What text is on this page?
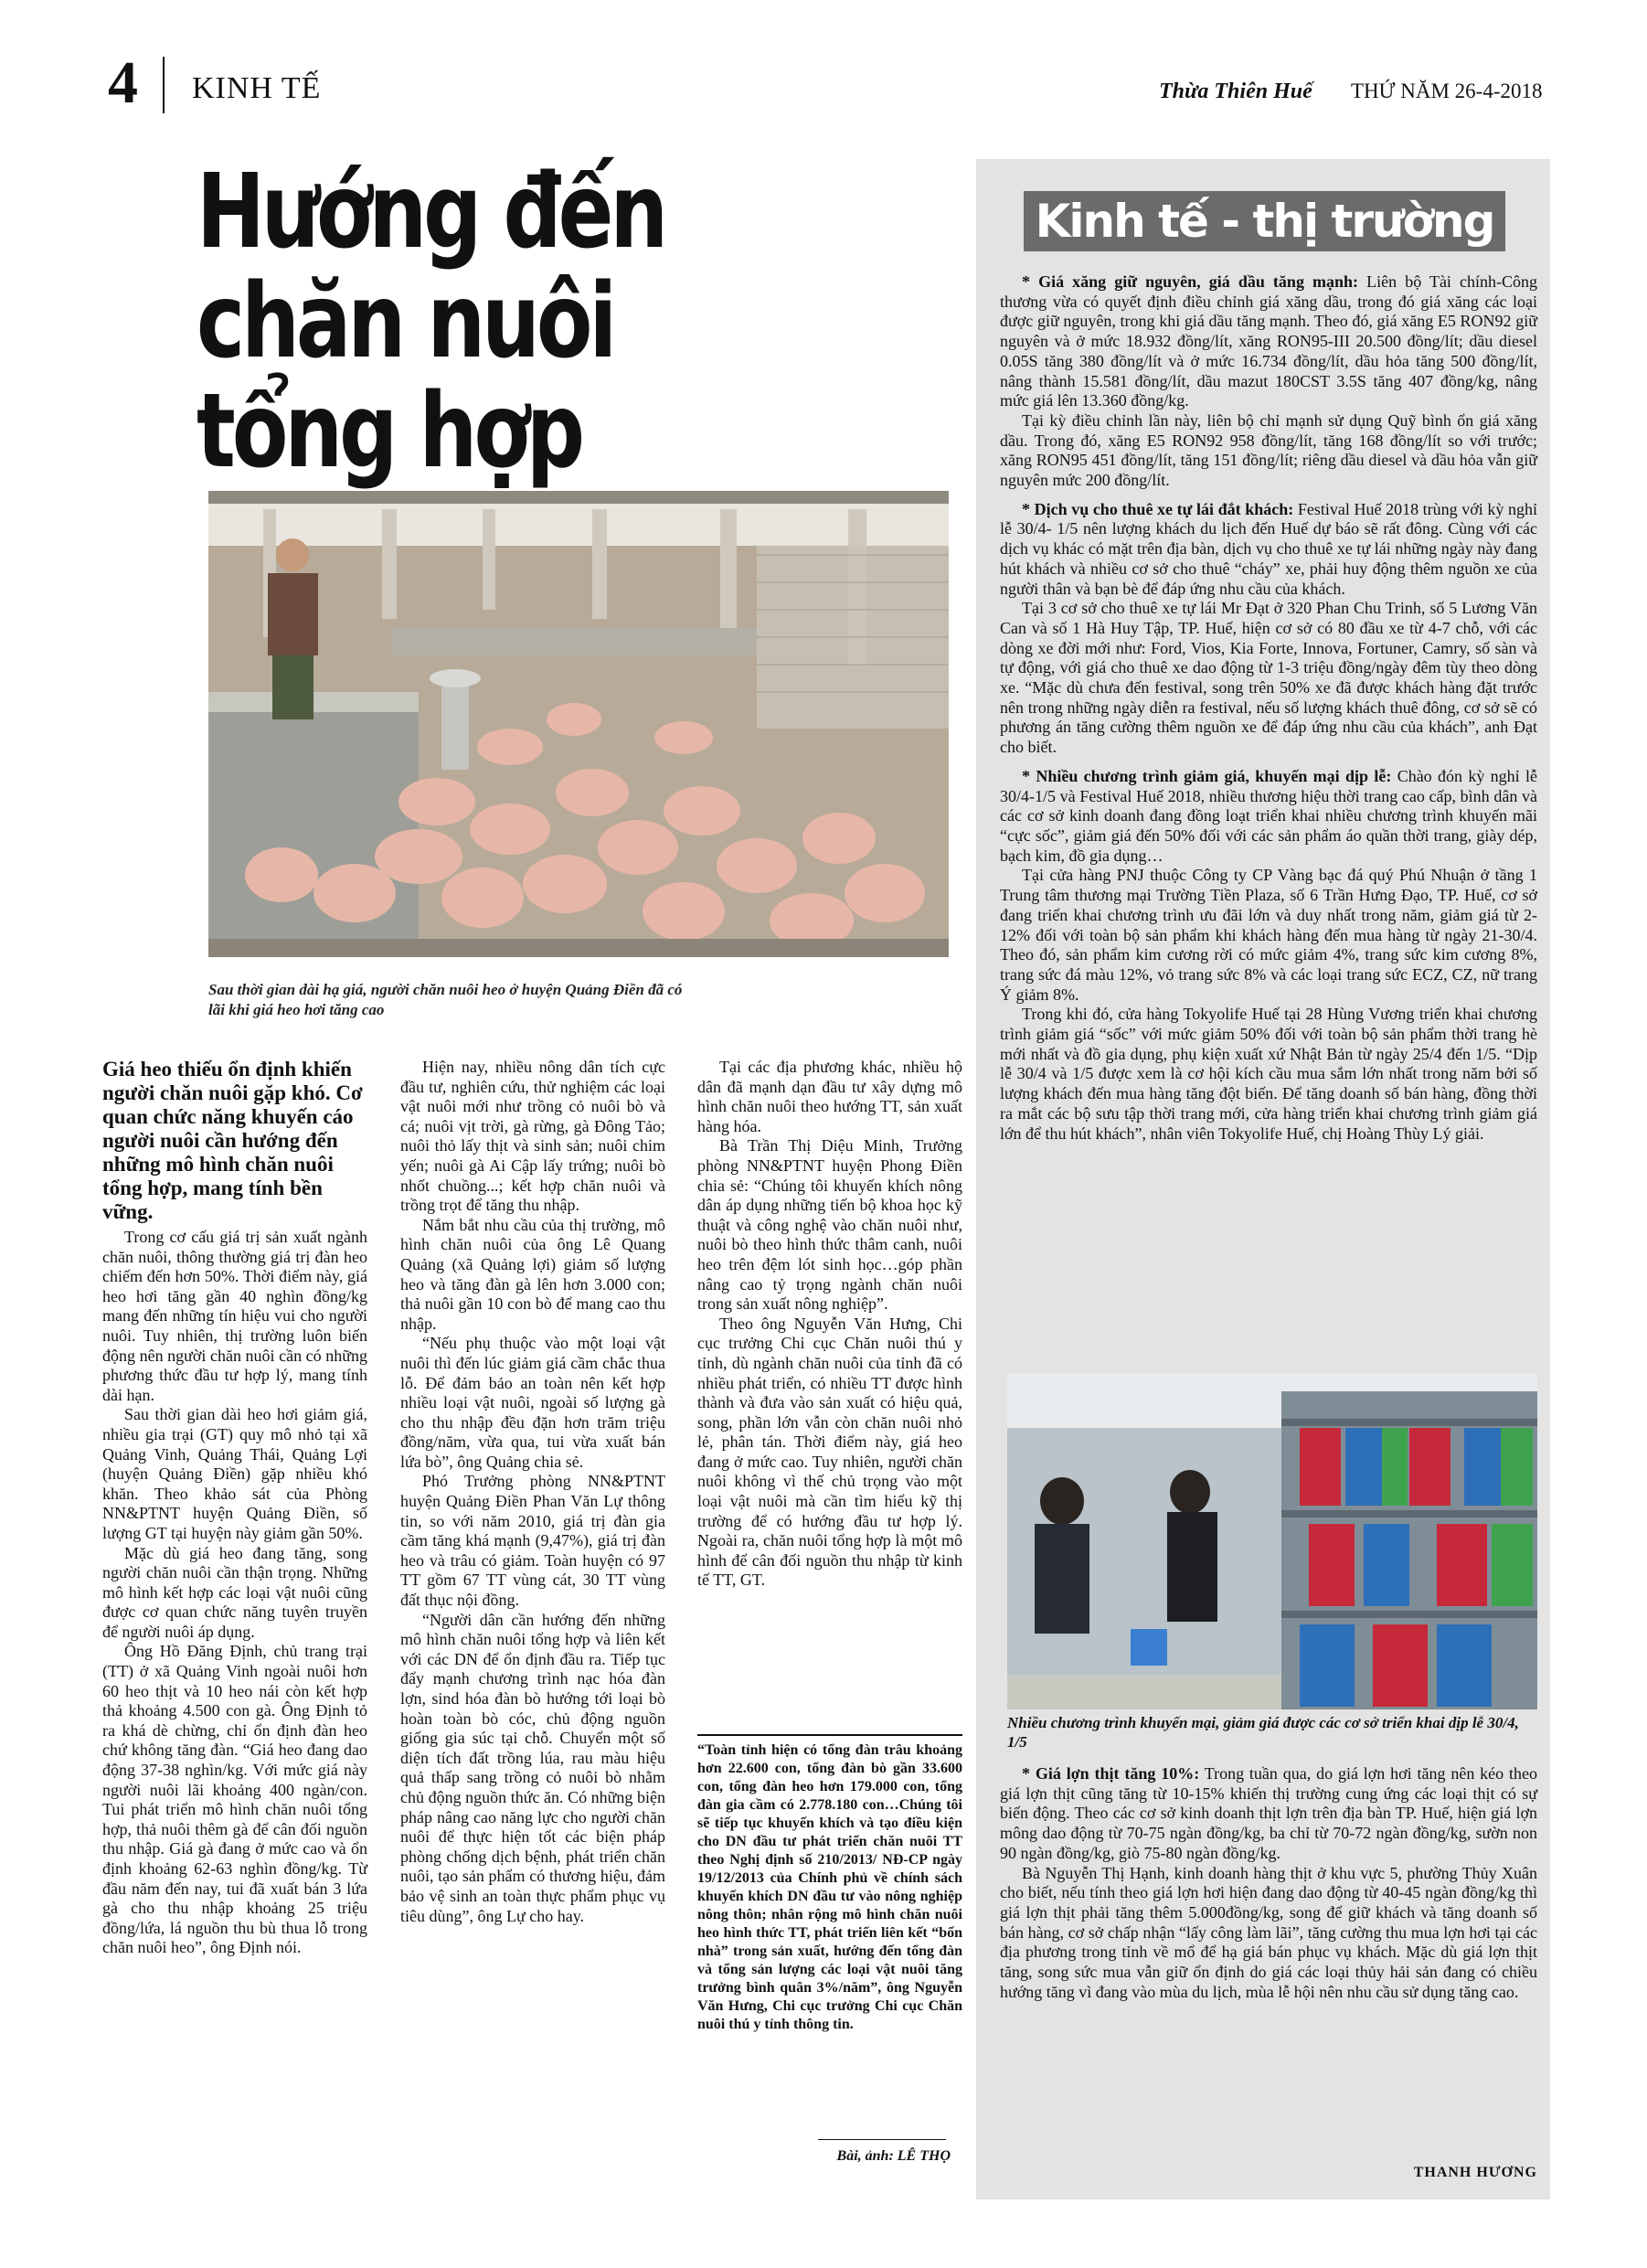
4 KINH TẾ	Thừa Thiên Huế THỨ NĂM 26-4-2018
Hướng đến
chăn nuôi tổng hợp
Sau thời gian dài hạ giá, người chăn nuôi heo ở huyện Quảng Điền đã có lãi khi giá heo hơi tăng cao

Giá heo thiếu ổn định khiến người chăn nuôi gặp khó. Cơ quan chức năng khuyến cáo người nuôi cần hướng đến những mô hình chăn nuôi tổng hợp, mang tính bền vững.

Trong cơ cấu giá trị sản xuất ngành chăn nuôi, thông thường giá trị đàn heo chiếm đến hơn 50%. Thời điểm này, giá heo hơi tăng gần 40 nghìn đồng/kg mang đến những tín hiệu vui cho người nuôi. Tuy nhiên, thị trường luôn biến động nên người chăn nuôi cần có những phương thức đầu tư hợp lý, mang tính dài hạn.

Sau thời gian dài heo hơi giảm giá, nhiều gia trại (GT) quy mô nhỏ tại xã Quảng Vinh, Quảng Thái, Quảng Lợi (huyện Quảng Điền) gặp nhiều khó khăn. Theo khảo sát của Phòng NN&PTNT huyện Quảng Điền, số lượng GT tại huyện này giảm gần 50%.

Mặc dù giá heo đang tăng, song người chăn nuôi cần thận trọng. Những mô hình kết hợp các loại vật nuôi cũng được cơ quan chức năng tuyên truyền để người nuôi áp dụng.

Ông Hồ Đăng Định, chủ trang trại (TT) ở xã Quảng Vinh ngoài nuôi hơn 60 heo thịt và 10 heo nái còn kết hợp thả khoảng 4.500 con gà. Ông Định tỏ ra khá dè chừng, chỉ ổn định đàn heo chứ không tăng đàn. “Giá heo đang dao động 37-38 nghìn/kg. Với mức giá này người nuôi lãi khoảng 400 ngàn/con. Tui phát triển mô hình chăn nuôi tổng hợp, thả nuôi thêm gà để cân đối nguồn thu nhập. Giá gà đang ở mức cao và ổn định khoảng 62-63 nghìn đồng/kg. Từ đầu năm đến nay, tui đã xuất bán 3 lứa gà cho thu nhập khoảng 25 triệu đồng/lứa, lá nguồn thu bù thua lỗ trong chăn nuôi heo”, ông Định nói.

Hiện nay, nhiều nông dân tích cực đầu tư, nghiên cứu, thử nghiệm các loại vật nuôi mới như trồng cỏ nuôi bò và cá; nuôi vịt trời, gà rừng, gà Đông Tảo; nuôi thỏ lấy thịt và sinh sản; nuôi chim yến; nuôi gà Ai Cập lấy trứng; nuôi bò nhốt chuồng...; kết hợp chăn nuôi và trồng trọt để tăng thu nhập.

Nắm bắt nhu cầu của thị trường, mô hình chăn nuôi của ông Lê Quang Quảng (xã Quảng lợi) giảm số lượng heo và tăng đàn gà lên hơn 3.000 con; thả nuôi gần 10 con bò để mang cao thu nhập.

“Nếu phụ thuộc vào một loại vật nuôi thì đến lúc giảm giá cầm chắc thua lỗ. Để đảm bảo an toàn nên kết hợp nhiều loại vật nuôi, ngoài số lượng gà cho thu nhập đều đặn hơn trăm triệu đồng/năm, vừa qua, tui vừa xuất bán lứa bò”, ông Quảng chia sẻ.

Phó Trưởng phòng NN&PTNT huyện Quảng Điền Phan Văn Lự thông tin, so với năm 2010, giá trị đàn gia cầm tăng khá mạnh (9,47%), giá trị đàn heo và trâu có giảm. Toàn huyện có 97 TT gồm 67 TT vùng cát, 30 TT vùng đất thục nội đồng.

“Người dân cần hướng đến những mô hình chăn nuôi tổng hợp và liên kết với các DN để ổn định đầu ra. Tiếp tục đẩy mạnh chương trình nạc hóa đàn lợn, sind hóa đàn bò hướng tới loại bò hoàn toàn bò cóc, chủ động nguồn giống gia súc tại chỗ. Chuyển một số diện tích đất trồng lúa, rau màu hiệu quả thấp sang trồng cỏ nuôi bò nhằm chủ động nguồn thức ăn. Có những biện pháp nâng cao năng lực cho người chăn nuôi để thực hiện tốt các biện pháp phòng chống dịch bệnh, phát triển chăn nuôi, tạo sản phẩm có thương hiệu, đảm bảo vệ sinh an toàn thực phẩm phục vụ tiêu dùng”, ông Lự cho hay.

Tại các địa phương khác, nhiều hộ dân đã mạnh dạn đầu tư xây dựng mô hình chăn nuôi theo hướng TT, sản xuất hàng hóa.

Bà Trần Thị Diệu Minh, Trưởng phòng NN&PTNT huyện Phong Điền chia sẻ: “Chúng tôi khuyến khích nông dân áp dụng những tiến bộ khoa học kỹ thuật và công nghệ vào chăn nuôi như, nuôi bò theo hình thức thâm canh, nuôi heo trên đệm lót sinh học…góp phần nâng cao tỷ trọng ngành chăn nuôi trong sản xuất nông nghiệp”.

Theo ông Nguyễn Văn Hưng, Chi cục trưởng Chi cục Chăn nuôi thú y tỉnh, dù ngành chăn nuôi của tỉnh đã có nhiều phát triển, có nhiều TT được hình thành và đưa vào sản xuất có hiệu quả, song, phần lớn vẫn còn chăn nuôi nhỏ lẻ, phân tán. Thời điểm này, giá heo đang ở mức cao. Tuy nhiên, người chăn nuôi không vì thế chủ trọng vào một loại vật nuôi mà cần tìm hiểu kỹ thị trường để có hướng đầu tư hợp lý. Ngoài ra, chăn nuôi tổng hợp là một mô hình để cân đối nguồn thu nhập từ kinh tế TT, GT.

“Toàn tỉnh hiện có tổng đàn trâu khoảng hơn 22.600 con, tổng đàn bò gần 33.600 con, tổng đàn heo hơn 179.000 con, tổng đàn gia cầm có 2.778.180 con…Chúng tôi sẽ tiếp tục khuyến khích và tạo điều kiện cho DN đầu tư phát triển chăn nuôi TT theo Nghị định số 210/2013/ NĐ-CP ngày 19/12/2013 của Chính phủ về chính sách khuyến khích DN đầu tư vào nông nghiệp nông thôn; nhân rộng mô hình chăn nuôi heo hình thức TT, phát triển liên kết “bốn nhà” trong sản xuất, hướng đến tổng đàn và tổng sản lượng các loại vật nuôi tăng trưởng bình quân 3%/năm”, ông Nguyễn Văn Hưng, Chi cục trưởng Chi cục Chăn nuôi thú y tỉnh thông tin.
Bài, ảnh: LÊ THỌ
Kinh tế - thị trường

* Giá xăng giữ nguyên, giá dầu tăng mạnh: Liên bộ Tài chính-Công thương vừa có quyết định điều chỉnh giá xăng dầu, trong đó giá xăng các loại được giữ nguyên, trong khi giá dầu tăng mạnh. Theo đó, giá xăng E5 RON92 giữ nguyên và ở mức 18.932 đồng/lít, xăng RON95-III 20.500 đồng/lít; dầu diesel 0.05S tăng 380 đồng/lít và ở mức 16.734 đồng/lít, dầu hỏa tăng 500 đồng/lít, nâng thành 15.581 đồng/lít, dầu mazut 180CST 3.5S tăng 407 đồng/kg, nâng mức giá lên 13.360 đồng/kg.

Tại kỳ điều chỉnh lần này, liên bộ chỉ mạnh sử dụng Quỹ bình ổn giá xăng dầu. Trong đó, xăng E5 RON92 958 đồng/lít, tăng 168 đồng/lít so với trước; xăng RON95 451 đồng/lít, tăng 151 đồng/lít; riêng dầu diesel và dầu hỏa vẫn giữ nguyên mức 200 đồng/lít.

* Dịch vụ cho thuê xe tự lái đắt khách: Festival Huế 2018 trùng với kỳ nghỉ lễ 30/4- 1/5 nên lượng khách du lịch đến Huế dự báo sẽ rất đông. Cùng với các dịch vụ khác có mặt trên địa bàn, dịch vụ cho thuê xe tự lái những ngày này đang hút khách và nhiều cơ sở cho thuê “cháy” xe, phải huy động thêm nguồn xe của người thân và bạn bè để đáp ứng nhu cầu của khách.

Tại 3 cơ sở cho thuê xe tự lái Mr Đạt ở 320 Phan Chu Trinh, số 5 Lương Văn Can và số 1 Hà Huy Tập, TP. Huế, hiện cơ sở có 80 đầu xe từ 4-7 chỗ, với các dòng xe đời mới như: Ford, Vios, Kia Forte, Innova, Fortuner, Camry, số sàn và tự động, với giá cho thuê xe dao động từ 1-3 triệu đồng/ngày đêm tùy theo dòng xe. “Mặc dù chưa đến festival, song trên 50% xe đã được khách hàng đặt trước nên trong những ngày diễn ra festival, nếu số lượng khách thuê đông, cơ sở sẽ có phương án tăng cường thêm nguồn xe để đáp ứng nhu cầu của khách”, anh Đạt cho biết.

* Nhiều chương trình giảm giá, khuyến mại dịp lễ: Chào đón kỳ nghỉ lễ 30/4-1/5 và Festival Huế 2018, nhiều thương hiệu thời trang cao cấp, bình dân và các cơ sở kinh doanh đang đồng loạt triển khai nhiều chương trình khuyến mãi “cực sốc”, giảm giá đến 50% đối với các sản phẩm áo quần thời trang, giày dép, bạch kim, đồ gia dụng…

Tại cửa hàng PNJ thuộc Công ty CP Vàng bạc đá quý Phú Nhuận ở tầng 1 Trung tâm thương mại Trường Tiền Plaza, số 6 Trần Hưng Đạo, TP. Huế, cơ sở đang triển khai chương trình ưu đãi lớn và duy nhất trong năm, giảm giá từ 2-12% đối với toàn bộ sản phẩm khi khách hàng đến mua hàng từ ngày 21-30/4. Theo đó, sản phẩm kim cương rời có mức giảm 4%, trang sức kim cương 8%, trang sức đá màu 12%, vỏ trang sức 8% và các loại trang sức ECZ, CZ, nữ trang Ý giảm 8%.

Trong khi đó, cửa hàng Tokyolife Huế tại 28 Hùng Vương triển khai chương trình giảm giá “sốc” với mức giảm 50% đối với toàn bộ sản phẩm thời trang hè mới nhất và đồ gia dụng, phụ kiện xuất xứ Nhật Bản từ ngày 25/4 đến 1/5. “Dịp lễ 30/4 và 1/5 được xem là cơ hội kích cầu mua sắm lớn nhất trong năm bởi số lượng khách đến mua hàng tăng đột biến. Để tăng doanh số bán hàng, đồng thời ra mắt các bộ sưu tập thời trang mới, cửa hàng triển khai chương trình giảm giá lớn để thu hút khách”, nhân viên Tokyolife Huế, chị Hoàng Thùy Lý giải.

Nhiều chương trình khuyến mại, giảm giá được các cơ sở triển khai dịp lễ 30/4, 1/5

* Giá lợn thịt tăng 10%: Trong tuần qua, do giá lợn hơi tăng nên kéo theo giá lợn thịt cũng tăng từ 10-15% khiến thị trường cung ứng các loại thịt có sự biến động. Theo các cơ sở kinh doanh thịt lợn trên địa bàn TP. Huế, hiện giá lợn mông dao động từ 70-75 ngàn đồng/kg, ba chỉ từ 70-72 ngàn đồng/kg, sườn non 90 ngàn đồng/kg, giò 75-80 ngàn đồng/kg.

Bà Nguyễn Thị Hạnh, kinh doanh hàng thịt ở khu vực 5, phường Thủy Xuân cho biết, nếu tính theo giá lợn hơi hiện đang dao động từ 40-45 ngàn đồng/kg thì giá lợn thịt phải tăng thêm 5.000đồng/kg, song để giữ khách và tăng doanh số bán hàng, cơ sở chấp nhận “lấy công làm lãi”, tăng cường thu mua lợn hơi tại các địa phương trong tỉnh về mổ để hạ giá bán phục vụ khách. Mặc dù giá lợn thịt tăng, song sức mua vẫn giữ ổn định do giá các loại thủy hải sản đang có chiều hướng tăng vì đang vào mùa du lịch, mùa lễ hội nên nhu cầu sử dụng tăng cao.

THANH HƯƠNG
